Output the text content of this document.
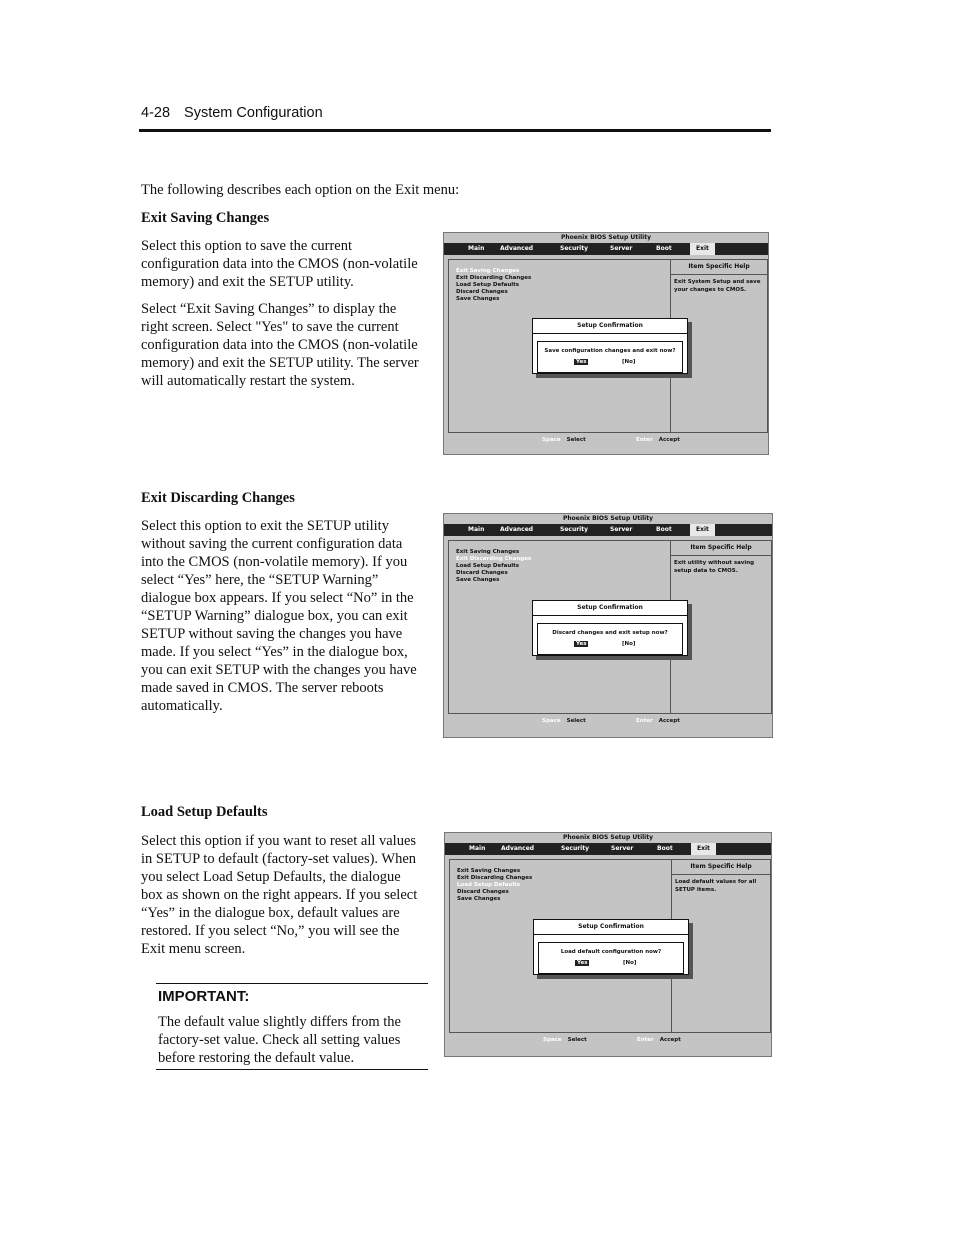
4-28 System Configuration
The following describes each option on the Exit menu:
Exit Saving Changes

Select this option to save the current configuration data into the CMOS (non-volatile memory) and exit the SETUP utility.

Select “Exit Saving Changes” to display the right screen. Select "Yes" to save the current configuration data into the CMOS (non-volatile memory) and exit the SETUP utility. The server will automatically restart the system.

Exit Discarding Changes

Select this option to exit the SETUP utility without saving the current configuration data into the CMOS (non-volatile memory). If you select “Yes” here, the “SETUP Warning” dialogue box appears. If you select “No” in the “SETUP Warning” dialogue box, you can exit SETUP without saving the changes you have made. If you select “Yes” in the dialogue box, you can exit SETUP with the changes you have made saved in CMOS. The server reboots automatically.

Load Setup Defaults

Select this option if you want to reset all values in SETUP to default (factory-set values). When you select Load Setup Defaults, the dialogue box as shown on the right appears. If you select “Yes” in the dialogue box, default values are restored. If you select “No,” you will see the Exit menu screen.

IMPORTANT:
The default value slightly differs from the factory-set value. Check all setting values before restoring the default value.
Phoenix BIOS Setup Utility
Main	Advanced	Security	Server	Boot	Exit
Exit Saving Changes
Exit Discarding Changes
Load Setup Defaults
Discard Changes
Save Changes
Item Specific Help
Exit System Setup and save your changes to CMOS.
Setup Confirmation
Save configuration changes and exit now?
Yes	[No]
Space Select	Enter Accept
Phoenix BIOS Setup Utility
Main	Advanced	Security	Server	Boot	Exit
Exit Saving Changes
Exit Discarding Changes
Load Setup Defaults
Discard Changes
Save Changes
Item Specific Help
Exit utility without saving setup data to CMOS.
Setup Confirmation
Discard changes and exit setup now?
Yes	[No]
Space Select	Enter Accept
Phoenix BIOS Setup Utility
Main	Advanced	Security	Server	Boot	Exit
Exit Saving Changes
Exit Discarding Changes
Load Setup Defaults
Discard Changes
Save Changes
Item Specific Help
Load default values for all SETUP items.
Setup Confirmation
Load default configuration now?
Yes	[No]
Space Select	Enter Accept
